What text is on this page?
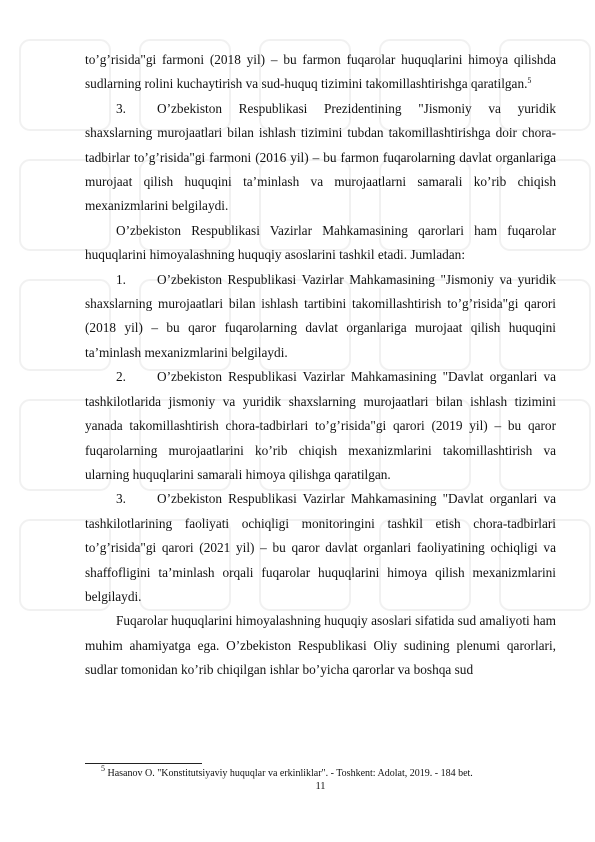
to’g’risida"gi farmoni (2018 yil) – bu farmon fuqarolar huquqlarini himoya qilishda sudlarning rolini kuchaytirish va sud-huquq tizimini takomillashtirishga qaratilgan.$^5$

3. O’zbekiston Respublikasi Prezidentining "Jismoniy va yuridik shaxslarning murojaatlari bilan ishlash tizimini tubdan takomillashtirishga doir chora-tadbirlar to’g’risida"gi farmoni (2016 yil) – bu farmon fuqarolarning davlat organlariga murojaat qilish huquqini ta’minlash va murojaatlarni samarali ko’rib chiqish mexanizmlarini belgilaydi.

O’zbekiston Respublikasi Vazirlar Mahkamasining qarorlari ham fuqarolar huquqlarini himoyalashning huquqiy asoslarini tashkil etadi. Jumladan:

1. O’zbekiston Respublikasi Vazirlar Mahkamasining "Jismoniy va yuridik shaxslarning murojaatlari bilan ishlash tartibini takomillashtirish to’g’risida"gi qarori (2018 yil) – bu qaror fuqarolarning davlat organlariga murojaat qilish huquqini ta’minlash mexanizmlarini belgilaydi.

2. O’zbekiston Respublikasi Vazirlar Mahkamasining "Davlat organlari va tashkilotlarida jismoniy va yuridik shaxslarning murojaatlari bilan ishlash tizimini yanada takomillashtirish chora-tadbirlari to’g’risida"gi qarori (2019 yil) – bu qaror fuqarolarning murojaatlarini ko’rib chiqish mexanizmlarini takomillashtirish va ularning huquqlarini samarali himoya qilishga qaratilgan.

3. O’zbekiston Respublikasi Vazirlar Mahkamasining "Davlat organlari va tashkilotlarining faoliyati ochiqligi monitoringini tashkil etish chora-tadbirlari to’g’risida"gi qarori (2021 yil) – bu qaror davlat organlari faoliyatining ochiqligi va shaffofligini ta’minlash orqali fuqarolar huquqlarini himoya qilish mexanizmlarini belgilaydi.

Fuqarolar huquqlarini himoyalashning huquqiy asoslari sifatida sud amaliyoti ham muhim ahamiyatga ega. O’zbekiston Respublikasi Oliy sudining plenumi qarorlari, sudlar tomonidan ko’rib chiqilgan ishlar bo’yicha qarorlar va boshqa sud

$^5$ Hasanov O. "Konstitutsiyaviy huquqlar va erkinliklar". - Toshkent: Adolat, 2019. - 184 bet.
11
